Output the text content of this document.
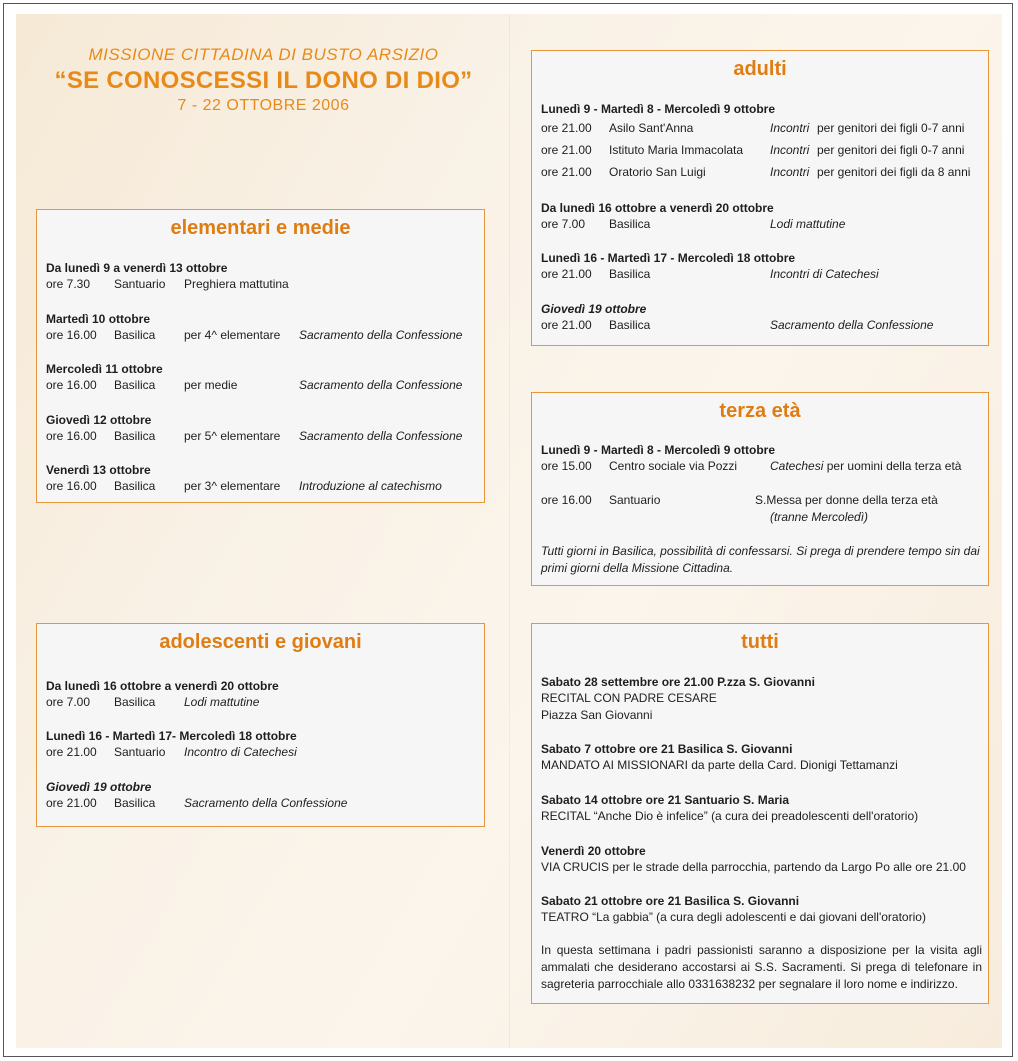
MISSIONE CITTADINA DI BUSTO ARSIZIO
“SE CONOSCESSI IL DONO DI DIO”
7 - 22 OTTOBRE 2006
elementari e medie
Da lunedì 9 a venerdì 13 ottobre
ore 7.30 Santuario Preghiera mattutina
Martedì 10 ottobre
ore 16.00 Basilica per 4^ elementare Sacramento della Confessione
Mercoledì 11 ottobre
ore 16.00 Basilica per medie	Sacramento della Confessione
Giovedì 12 ottobre
ore 16.00 Basilica per 5^ elementare Sacramento della Confessione
Venerdì 13 ottobre
ore 16.00 Basilica per 3^ elementare Introduzione al catechismo
adolescenti e giovani
Da lunedì 16 ottobre a venerdì 20 ottobre
ore 7.00 Basilica Lodi mattutine
Lunedì 16 - Martedì 17- Mercoledì 18 ottobre
ore 21.00 Santuario Incontro di Catechesi
Giovedì 19 ottobre
ore 21.00 Basilica Sacramento della Confessione
adulti
Lunedì 9 - Martedì 8 - Mercoledì 9 ottobre
ore 21.00 Asilo Sant'Anna	Incontri per genitori dei figli 0-7 anni
ore 21.00 Istituto Maria Immacolata Incontri per genitori dei figli 0-7 anni
ore 21.00 Oratorio San Luigi	Incontri per genitori dei figli da 8 anni
Da lunedì 16 ottobre a venerdì 20 ottobre
ore 7.00 Basilica	Lodi mattutine
Lunedì 16 - Martedì 17 - Mercoledì 18 ottobre
ore 21.00 Basilica	Incontri di Catechesi
Giovedì 19 ottobre
ore 21.00 Basilica	Sacramento della Confessione
terza età
Lunedì 9 - Martedì 8 - Mercoledì 9 ottobre
ore 15.00 Centro sociale via Pozzi	Catechesi per uomini della terza età
ore 16.00 Santuario	S.Messa per donne della terza età
(tranne Mercoledì)
Tutti giorni in Basilica, possibilità di confessarsi. Si prega di prendere tempo sin dai primi giorni della Missione Cittadina.
tutti
Sabato 28 settembre ore 21.00 P.zza S. Giovanni
RECITAL CON PADRE CESARE
Piazza San Giovanni
Sabato 7 ottobre ore 21 Basilica S. Giovanni
MANDATO AI MISSIONARI da parte della Card. Dionigi Tettamanzi
Sabato 14 ottobre ore 21 Santuario S. Maria
RECITAL “Anche Dio è infelice” (a cura dei preadolescenti dell'oratorio)
Venerdì 20 ottobre
VIA CRUCIS per le strade della parrocchia, partendo da Largo Po alle ore 21.00
Sabato 21 ottobre ore 21 Basilica S. Giovanni
TEATRO “La gabbia” (a cura degli adolescenti e dai giovani dell'oratorio)
In questa settimana i padri passionisti saranno a disposizione per la visita agli ammalati che desiderano accostarsi ai S.S. Sacramenti. Si prega di telefonare in sagreteria parrocchiale allo 0331638232 per segnalare il loro nome e indirizzo.
